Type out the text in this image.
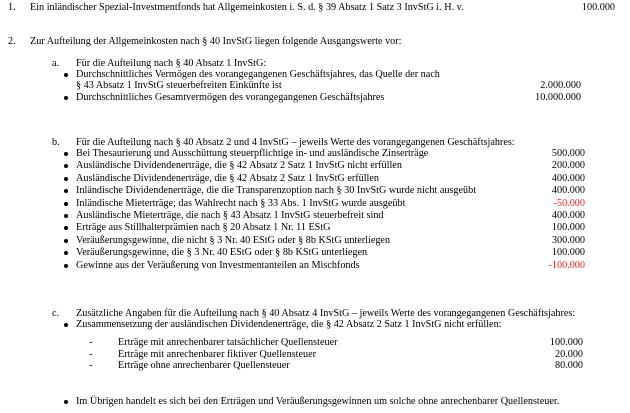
1. Ein inländischer Spezial-Investmentfonds hat Allgemeinkosten i. S. d. § 39 Absatz 1 Satz 3 InvStG i. H. v.	100.000
2. Zur Aufteilung der Allgemeinkosten nach § 40 InvStG liegen folgende Ausgangswerte vor:
a. Für die Aufteilung nach § 40 Absatz 1 InvStG:
Durchschnittliches Vermögen des vorangegangenen Geschäftsjahres, das Quelle der nach
§ 43 Absatz 1 InvStG steuerbefreiten Einkünfte ist	2.000.000
Durchschnittliches Gesamtvermögen des vorangegangenen Geschäftsjahres	10.000.000
b. Für die Aufteilung nach § 40 Absatz 2 und 4 InvStG – jeweils Werte des vorangegangenen Geschäftsjahres:
Bei Thesaurierung und Ausschüttung steuerpflichtige in- und ausländische Zinserträge	500.000
Ausländische Dividendenerträge, die § 42 Absatz 2 Satz 1 InvStG nicht erfüllen	200.000
Ausländische Dividendenerträge, die § 42 Absatz 2 Satz 1 InvStG erfüllen	400.000
Inländische Dividendenerträge, die die Transparenzoption nach § 30 InvStG wurde nicht ausgeübt	400.000
Inländische Mieterträge; das Wahlrecht nach § 33 Abs. 1 InvStG wurde ausgeübt	-50.000
Ausländische Mieterträge, die nach § 43 Absatz 1 InvStG steuerbefreit sind	400.000
Erträge aus Stillhalterprämien nach § 20 Absatz 1 Nr. 11 EStG	100.000
Veräußerungsgewinne, die nicht § 3 Nr. 40 EStG oder § 8b KStG unterliegen	300.000
Veräußerungsgewinne, die § 3 Nr. 40 EStG oder § 8b KStG unterliegen	100.000
Gewinne aus der Veräußerung von Investmentanteilen an Mischfonds	-100.000
c. Zusätzliche Angaben für die Aufteilung nach § 40 Absatz 4 InvStG – jeweils Werte des vorangegangenen Geschäftsjahres:
Zusammensetzung der ausländischen Dividendenerträge, die § 42 Absatz 2 Satz 1 InvStG nicht erfüllen:
-	Erträge mit anrechenbarer tatsächlicher Quellensteuer	100.000
-	Erträge mit anrechenbarer fiktiver Quellensteuer	20.000
-	Erträge ohne anrechenbarer Quellensteuer	80.000
Im Übrigen handelt es sich bei den Erträgen und Veräußerungsgewinnen um solche ohne anrechenbarer Quellensteuer.
